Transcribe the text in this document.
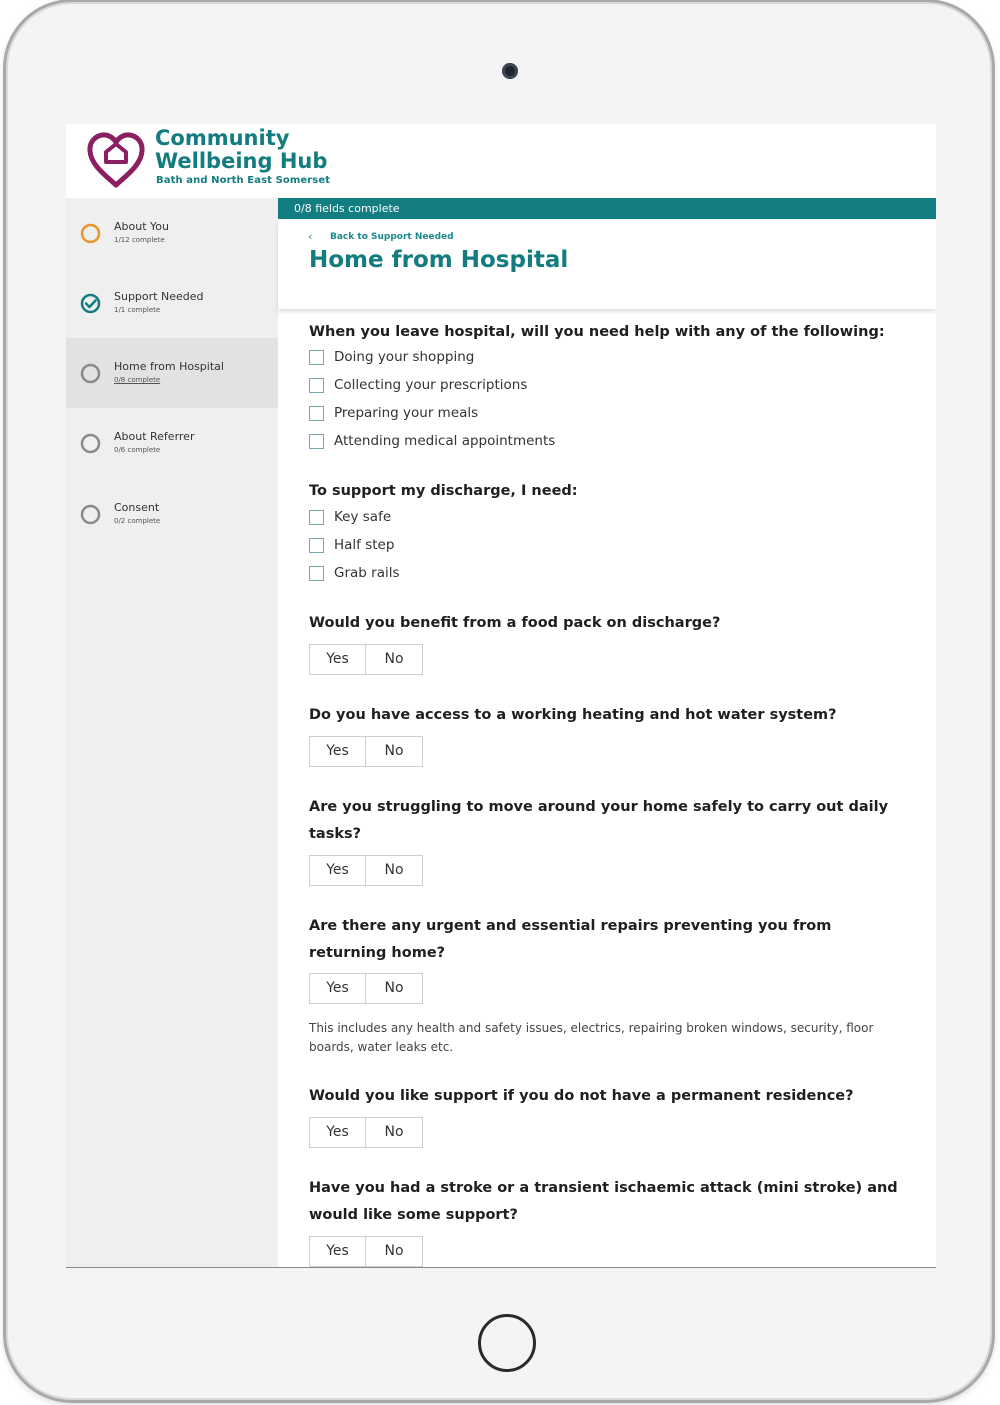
Community
Wellbeing Hub
Bath and North East Somerset
About You
1/12 complete
Support Needed
1/1 complete
Home from Hospital
0/8 complete
About Referrer
0/6 complete
Consent
0/2 complete
0/8 fields complete
‹ Back to Support Needed
Home from Hospital
When you leave hospital, will you need help with any of the following:
Doing your shopping
Collecting your prescriptions
Preparing your meals
Attending medical appointments
To support my discharge, I need:
Key safe
Half step
Grab rails
Would you benefit from a food pack on discharge?
Yes	No
Do you have access to a working heating and hot water system?
Yes	No
Are you struggling to move around your home safely to carry out daily tasks?
Yes	No
Are there any urgent and essential repairs preventing you from returning home?
Yes	No
This includes any health and safety issues, electrics, repairing broken windows, security, floor boards, water leaks etc.
Would you like support if you do not have a permanent residence?
Yes	No
Have you had a stroke or a transient ischaemic attack (mini stroke) and would like some support?
Yes	No
